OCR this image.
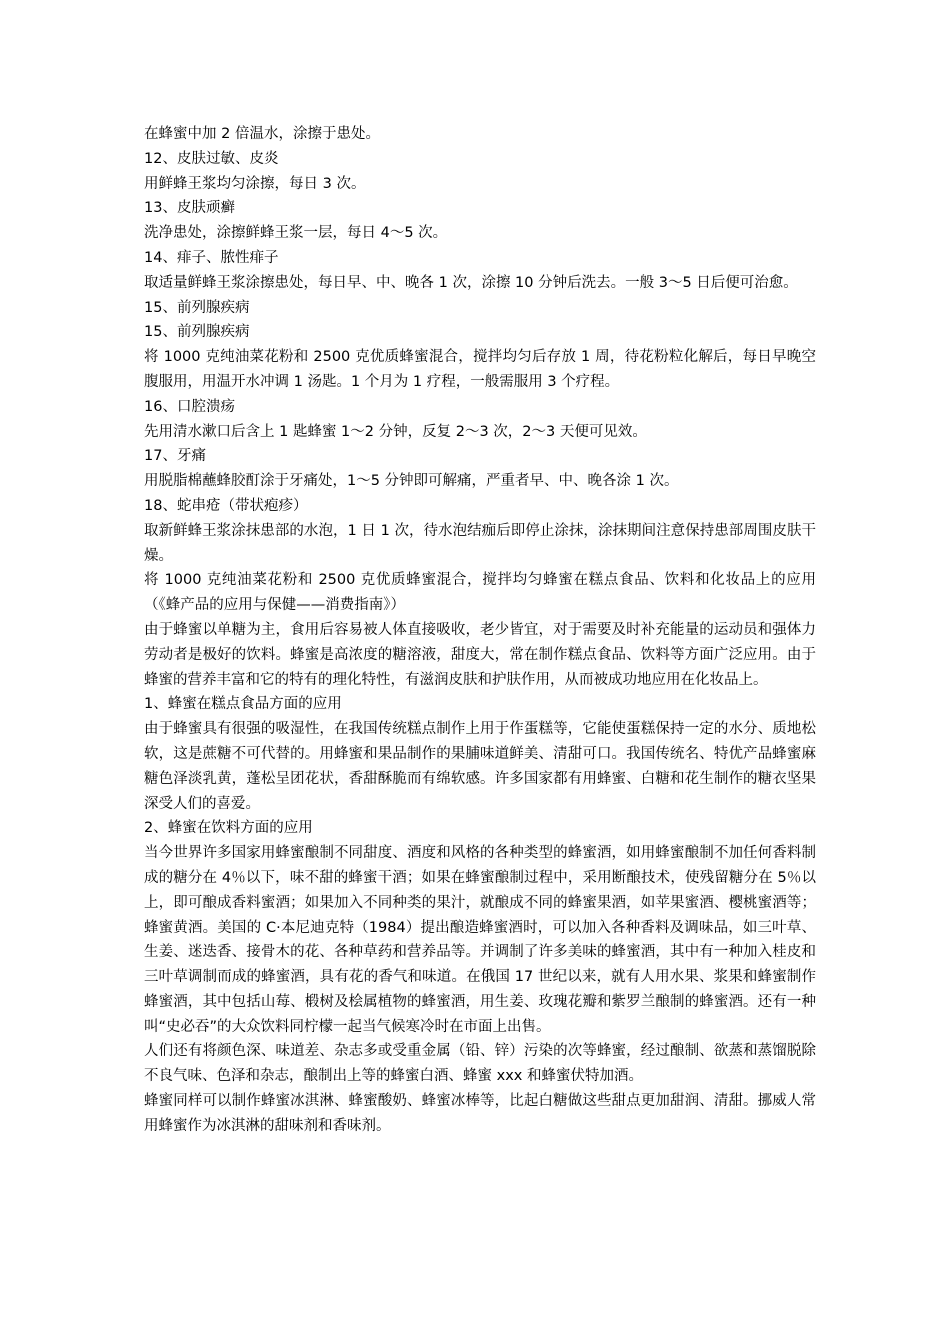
在蜂蜜中加 2 倍温水，涂擦于患处。

12、皮肤过敏、皮炎

用鲜蜂王浆均匀涂擦，每日 3 次。

13、皮肤顽癣

洗净患处，涂擦鲜蜂王浆一层，每日 4～5 次。

14、痱子、脓性痱子

取适量鲜蜂王浆涂擦患处，每日早、中、晚各 1 次，涂擦 10 分钟后洗去。一般 3～5 日后便可治愈。

15、前列腺疾病

15、前列腺疾病

将 1000 克纯油菜花粉和 2500 克优质蜂蜜混合，搅拌均匀后存放 1 周，待花粉粒化解后，每日早晚空腹服用，用温开水冲调 1 汤匙。1 个月为 1 疗程，一般需服用 3 个疗程。

16、口腔溃疡

先用清水漱口后含上 1 匙蜂蜜 1～2 分钟，反复 2～3 次，2～3 天便可见效。

17、牙痛

用脱脂棉蘸蜂胶酊涂于牙痛处，1～5 分钟即可解痛，严重者早、中、晚各涂 1 次。

18、蛇串疮（带状疱疹）

取新鲜蜂王浆涂抹患部的水泡，1 日 1 次，待水泡结痂后即停止涂抹，涂抹期间注意保持患部周围皮肤干燥。

将 1000 克纯油菜花粉和 2500 克优质蜂蜜混合，搅拌均匀蜂蜜在糕点食品、饮料和化妆品上的应用（《蜂产品的应用与保健——消费指南》）

由于蜂蜜以单糖为主，食用后容易被人体直接吸收，老少皆宜，对于需要及时补充能量的运动员和强体力劳动者是极好的饮料。蜂蜜是高浓度的糖溶液，甜度大，常在制作糕点食品、饮料等方面广泛应用。由于蜂蜜的营养丰富和它的特有的理化特性，有滋润皮肤和护肤作用，从而被成功地应用在化妆品上。

1、蜂蜜在糕点食品方面的应用

由于蜂蜜具有很强的吸湿性，在我国传统糕点制作上用于作蛋糕等，它能使蛋糕保持一定的水分、质地松软，这是蔗糖不可代替的。用蜂蜜和果品制作的果脯味道鲜美、清甜可口。我国传统名、特优产品蜂蜜麻糖色泽淡乳黄，蓬松呈团花状，香甜酥脆而有绵软感。许多国家都有用蜂蜜、白糖和花生制作的糖衣坚果深受人们的喜爱。

2、蜂蜜在饮料方面的应用

当今世界许多国家用蜂蜜酿制不同甜度、酒度和风格的各种类型的蜂蜜酒，如用蜂蜜酿制不加任何香料制成的糖分在 4％以下，味不甜的蜂蜜干酒；如果在蜂蜜酿制过程中，采用断酿技术，使残留糖分在 5％以上，即可酿成香料蜜酒；如果加入不同种类的果汁，就酿成不同的蜂蜜果酒，如苹果蜜酒、樱桃蜜酒等；蜂蜜黄酒。美国的 C·本尼迪克特（1984）提出酿造蜂蜜酒时，可以加入各种香料及调味品，如三叶草、生姜、迷迭香、接骨木的花、各种草药和营养品等。并调制了许多美味的蜂蜜酒，其中有一种加入桂皮和三叶草调制而成的蜂蜜酒，具有花的香气和味道。在俄国 17 世纪以来，就有人用水果、浆果和蜂蜜制作蜂蜜酒，其中包括山莓、椴树及桧属植物的蜂蜜酒，用生姜、玫瑰花瓣和紫罗兰酿制的蜂蜜酒。还有一种叫“史必吞”的大众饮料同柠檬一起当气候寒冷时在市面上出售。

人们还有将颜色深、味道差、杂志多或受重金属（铅、锌）污染的次等蜂蜜，经过酿制、欲蒸和蒸馏脱除不良气味、色泽和杂志，酿制出上等的蜂蜜白酒、蜂蜜 xxx 和蜂蜜伏特加酒。

蜂蜜同样可以制作蜂蜜冰淇淋、蜂蜜酸奶、蜂蜜冰棒等，比起白糖做这些甜点更加甜润、清甜。挪威人常用蜂蜜作为冰淇淋的甜味剂和香味剂。
